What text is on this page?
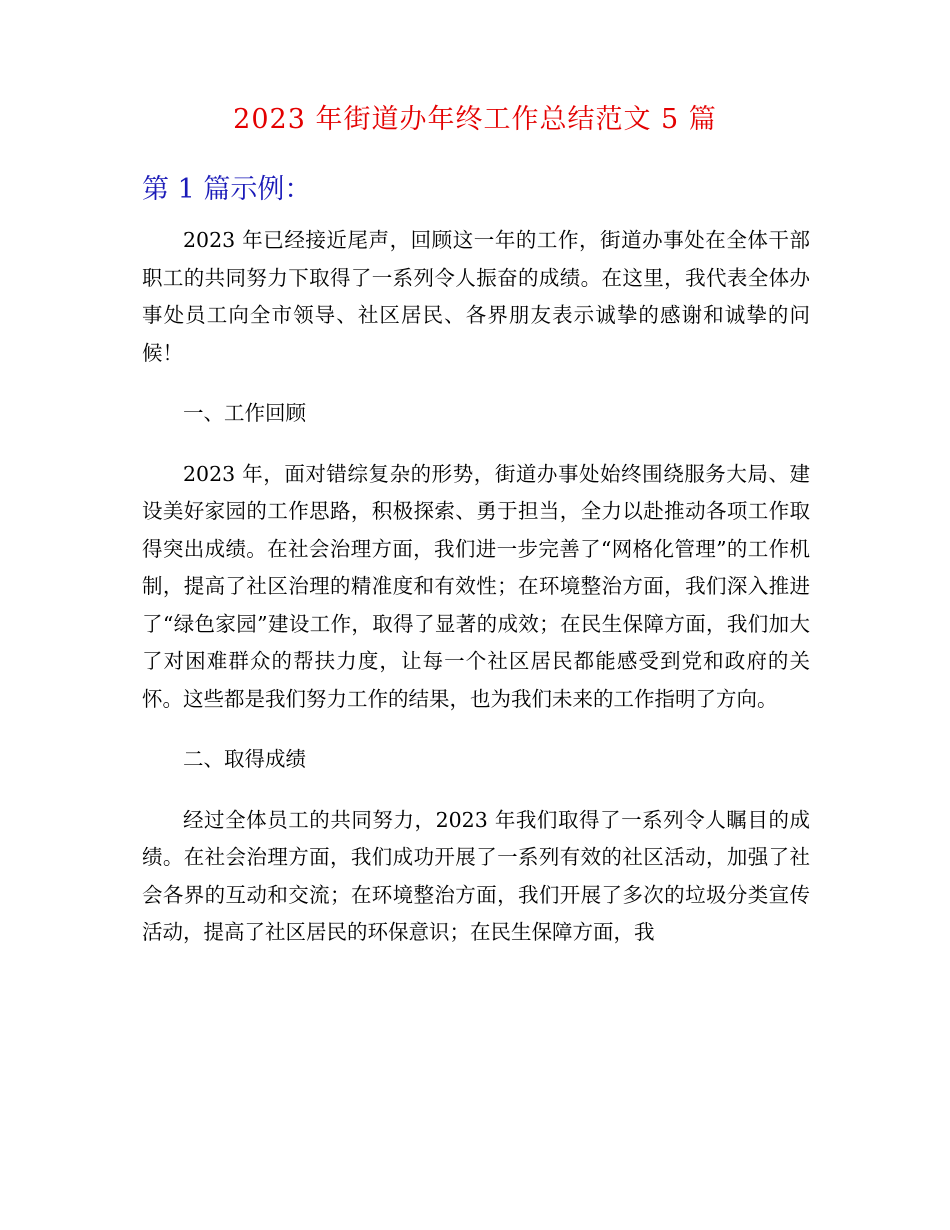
2023 年街道办年终工作总结范文 5 篇
第 1 篇示例：

2023 年已经接近尾声，回顾这一年的工作，街道办事处在全体干部职工的共同努力下取得了一系列令人振奋的成绩。在这里，我代表全体办事处员工向全市领导、社区居民、各界朋友表示诚挚的感谢和诚挚的问候！

一、工作回顾

2023 年，面对错综复杂的形势，街道办事处始终围绕服务大局、建设美好家园的工作思路，积极探索、勇于担当，全力以赴推动各项工作取得突出成绩。在社会治理方面，我们进一步完善了“网格化管理”的工作机制，提高了社区治理的精准度和有效性；在环境整治方面，我们深入推进了“绿色家园”建设工作，取得了显著的成效；在民生保障方面，我们加大了对困难群众的帮扶力度，让每一个社区居民都能感受到党和政府的关怀。这些都是我们努力工作的结果，也为我们未来的工作指明了方向。

二、取得成绩

经过全体员工的共同努力，2023 年我们取得了一系列令人瞩目的成绩。在社会治理方面，我们成功开展了一系列有效的社区活动，加强了社会各界的互动和交流；在环境整治方面，我们开展了多次的垃圾分类宣传活动，提高了社区居民的环保意识；在民生保障方面，我
